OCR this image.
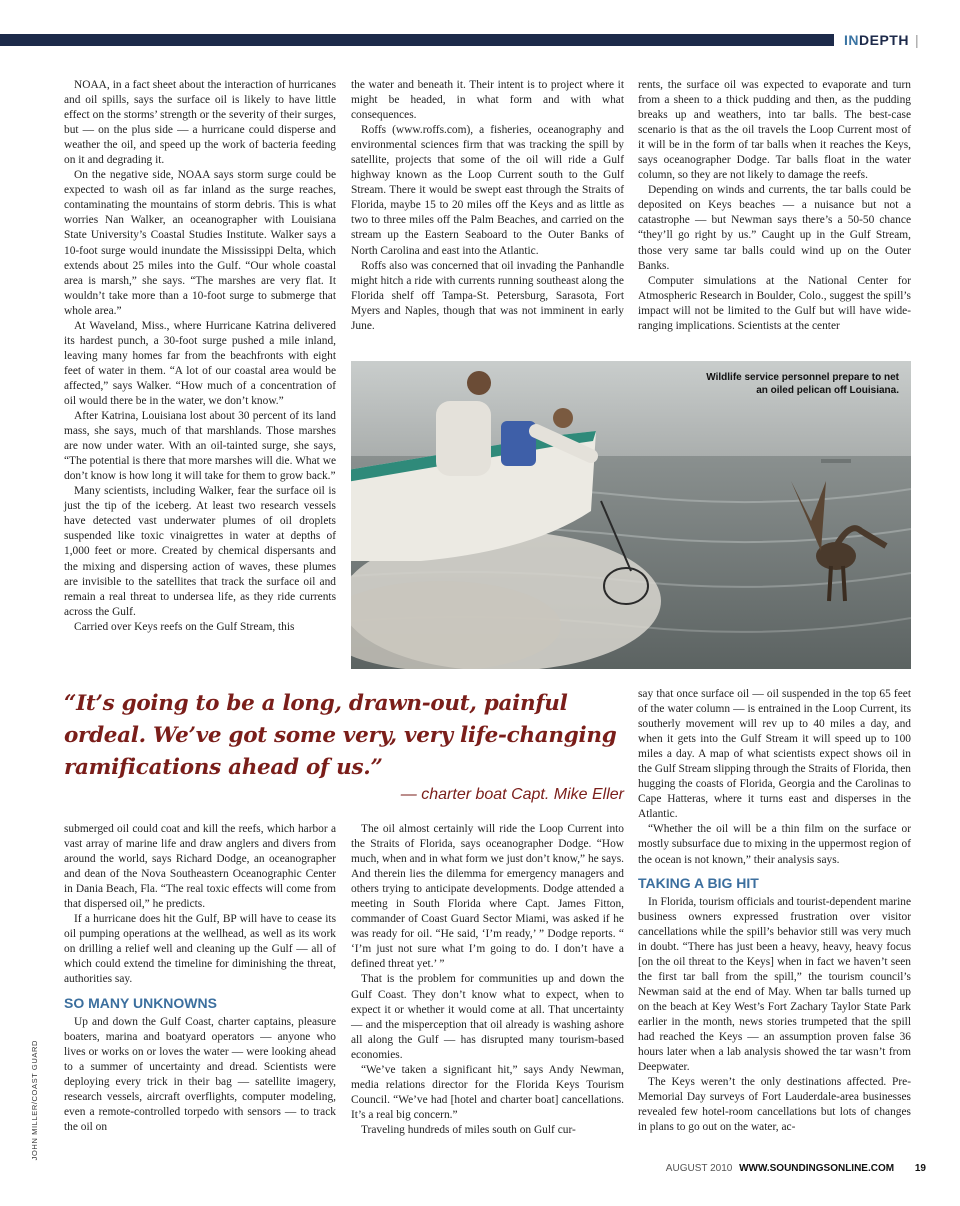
INDEPTH |

NOAA, in a fact sheet about the interaction of hurricanes and oil spills, says the surface oil is likely to have little effect on the storms’ strength or the severity of their surges, but — on the plus side — a hurricane could disperse and weather the oil, and speed up the work of bacteria feeding on it and degrading it.

On the negative side, NOAA says storm surge could be expected to wash oil as far inland as the surge reaches, contaminating the mountains of storm debris. This is what worries Nan Walker, an oceanographer with Louisiana State University’s Coastal Studies Institute. Walker says a 10-foot surge would inundate the Mississippi Delta, which extends about 25 miles into the Gulf. “Our whole coastal area is marsh,” she says. “The marshes are very flat. It wouldn’t take more than a 10-foot surge to submerge that whole area.”

At Waveland, Miss., where Hurricane Katrina delivered its hardest punch, a 30-foot surge pushed a mile inland, leaving many homes far from the beachfronts with eight feet of water in them. “A lot of our coastal area would be affected,” says Walker. “How much of a concentration of oil would there be in the water, we don’t know.”

After Katrina, Louisiana lost about 30 percent of its land mass, she says, much of that marshlands. Those marshes are now under water. With an oil-tainted surge, she says, “The potential is there that more marshes will die. What we don’t know is how long it will take for them to grow back.”

Many scientists, including Walker, fear the surface oil is just the tip of the iceberg. At least two research vessels have detected vast underwater plumes of oil droplets suspended like toxic vinaigrettes in water at depths of 1,000 feet or more. Created by chemical dispersants and the mixing and dispersing action of waves, these plumes are invisible to the satellites that track the surface oil and remain a real threat to undersea life, as they ride currents across the Gulf.

Carried over Keys reefs on the Gulf Stream, this

the water and beneath it. Their intent is to project where it might be headed, in what form and with what consequences.

Roffs (www.roffs.com), a fisheries, oceanography and environmental sciences firm that was tracking the spill by satellite, projects that some of the oil will ride a Gulf highway known as the Loop Current south to the Gulf Stream. There it would be swept east through the Straits of Florida, maybe 15 to 20 miles off the Keys and as little as two to three miles off the Palm Beaches, and carried on the stream up the Eastern Seaboard to the Outer Banks of North Carolina and east into the Atlantic.

Roffs also was concerned that oil invading the Panhandle might hitch a ride with currents running southeast along the Florida shelf off Tampa-St. Petersburg, Sarasota, Fort Myers and Naples, though that was not imminent in early June.

rents, the surface oil was expected to evaporate and turn from a sheen to a thick pudding and then, as the pudding breaks up and weathers, into tar balls. The best-case scenario is that as the oil travels the Loop Current most of it will be in the form of tar balls when it reaches the Keys, says oceanographer Dodge. Tar balls float in the water column, so they are not likely to damage the reefs.

Depending on winds and currents, the tar balls could be deposited on Keys beaches — a nuisance but not a catastrophe — but Newman says there’s a 50-50 chance “they’ll go right by us.” Caught up in the Gulf Stream, those very same tar balls could wind up on the Outer Banks.

Computer simulations at the National Center for Atmospheric Research in Boulder, Colo., suggest the spill’s impact will not be limited to the Gulf but will have wide-ranging implications. Scientists at the center

Wildlife service personnel prepare to net an oiled pelican off Louisiana.

“It’s going to be a long, drawn-out, painful ordeal. We’ve got some very, very life-changing ramifications ahead of us.”

— charter boat Capt. Mike Eller

submerged oil could coat and kill the reefs, which harbor a vast array of marine life and draw anglers and divers from around the world, says Richard Dodge, an oceanographer and dean of the Nova Southeastern Oceanographic Center in Dania Beach, Fla. “The real toxic effects will come from that dispersed oil,” he predicts.

If a hurricane does hit the Gulf, BP will have to cease its oil pumping operations at the wellhead, as well as its work on drilling a relief well and cleaning up the Gulf — all of which could extend the timeline for diminishing the threat, authorities say.

SO MANY UNKNOWNS

Up and down the Gulf Coast, charter captains, pleasure boaters, marina and boatyard operators — anyone who lives or works on or loves the water — were looking ahead to a summer of uncertainty and dread. Scientists were deploying every trick in their bag — satellite imagery, research vessels, aircraft overflights, computer modeling, even a remote-controlled torpedo with sensors — to track the oil on

The oil almost certainly will ride the Loop Current into the Straits of Florida, says oceanographer Dodge. “How much, when and in what form we just don’t know,” he says. And therein lies the dilemma for emergency managers and others trying to anticipate developments. Dodge attended a meeting in South Florida where Capt. James Fitton, commander of Coast Guard Sector Miami, was asked if he was ready for oil. “He said, ‘I’m ready,’ ” Dodge reports. “ ‘I’m just not sure what I’m going to do. I don’t have a defined threat yet.’ ”

That is the problem for communities up and down the Gulf Coast. They don’t know what to expect, when to expect it or whether it would come at all. That uncertainty — and the misperception that oil already is washing ashore all along the Gulf — has disrupted many tourism-based economies.

“We’ve taken a significant hit,” says Andy Newman, media relations director for the Florida Keys Tourism Council. “We’ve had [hotel and charter boat] cancellations. It’s a real big concern.”

Traveling hundreds of miles south on Gulf cur-

say that once surface oil — oil suspended in the top 65 feet of the water column — is entrained in the Loop Current, its southerly movement will rev up to 40 miles a day, and when it gets into the Gulf Stream it will speed up to 100 miles a day. A map of what scientists expect shows oil in the Gulf Stream slipping through the Straits of Florida, then hugging the coasts of Florida, Georgia and the Carolinas to Cape Hatteras, where it turns east and disperses in the Atlantic.

“Whether the oil will be a thin film on the surface or mostly subsurface due to mixing in the uppermost region of the ocean is not known,” their analysis says.

TAKING A BIG HIT

In Florida, tourism officials and tourist-dependent marine business owners expressed frustration over visitor cancellations while the spill’s behavior still was very much in doubt. “There has just been a heavy, heavy, heavy focus [on the oil threat to the Keys] when in fact we haven’t seen the first tar ball from the spill,” the tourism council’s Newman said at the end of May. When tar balls turned up on the beach at Key West’s Fort Zachary Taylor State Park earlier in the month, news stories trumpeted that the spill had reached the Keys — an assumption proven false 36 hours later when a lab analysis showed the tar wasn’t from Deepwater.

The Keys weren’t the only destinations affected. Pre-Memorial Day surveys of Fort Lauderdale-area businesses revealed few hotel-room cancellations but lots of changes in plans to go out on the water, ac-

JOHN MILLER/COAST GUARD
AUGUST 2010 WWW.SOUNDINGSONLINE.COM 19
